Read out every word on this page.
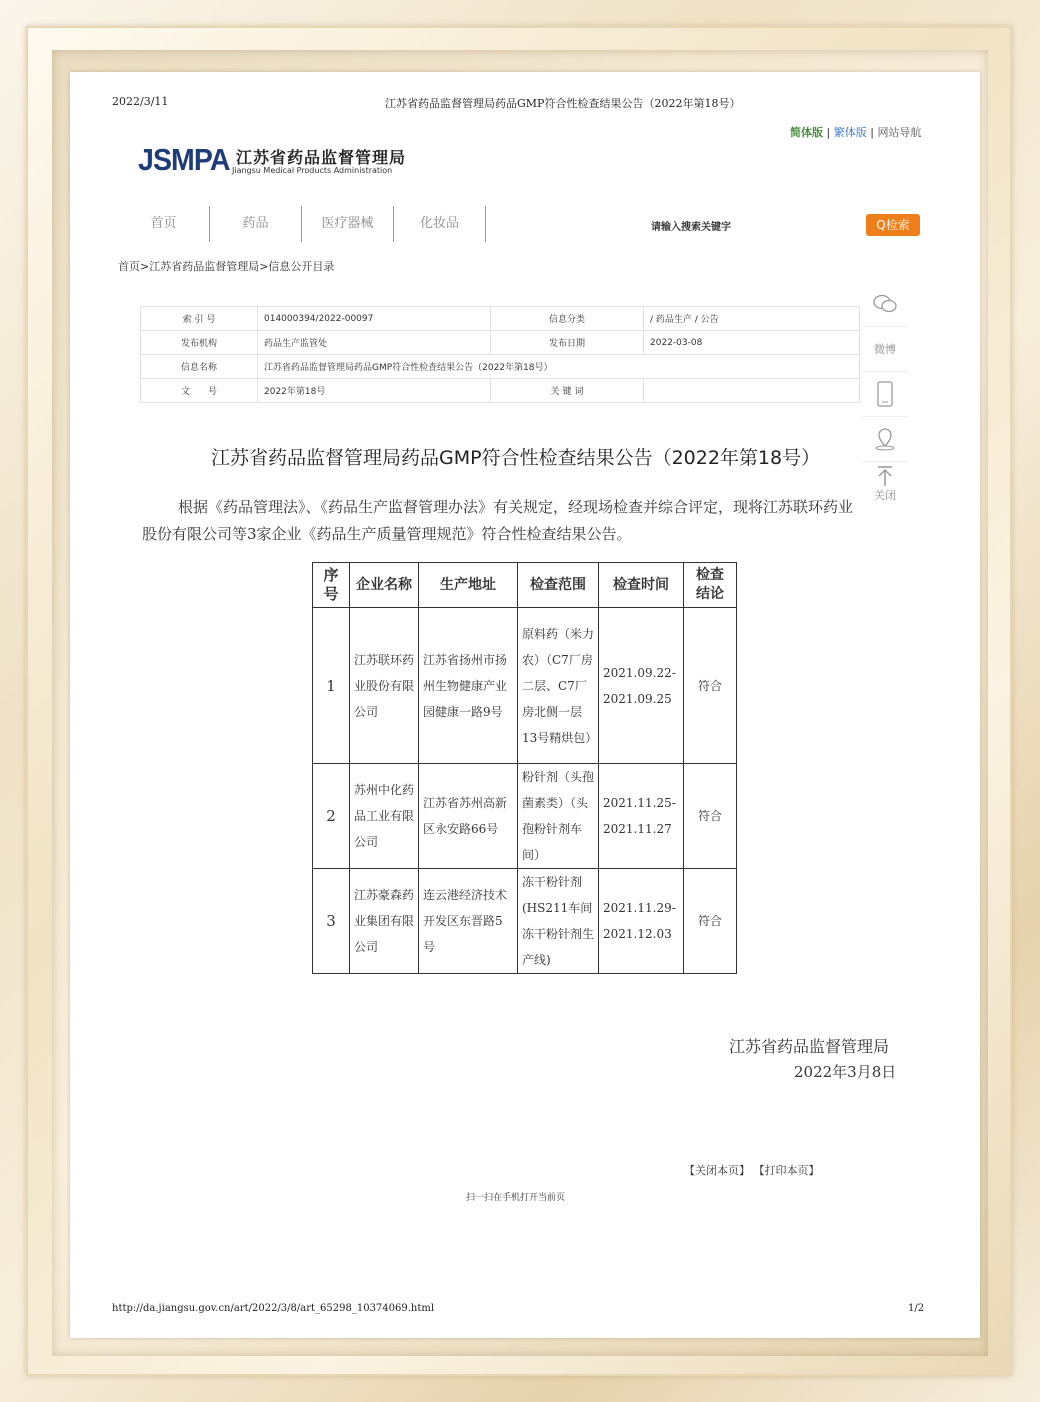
2022/3/11	江苏省药品监督管理局药品GMP符合性检查结果公告（2022年第18号）
简体版 | 繁体版 | 网站导航
JSMPA 江苏省药品监督管理局
Jiangsu Medical Products Administration
首页	药品	医疗器械	化妆品	请输入搜索关键字	Q检索
首页>江苏省药品监督管理局>信息公开目录
索 引 号	014000394/2022-00097	信息分类	/ 药品生产 / 公告
发布机构	药品生产监管处	发布日期	2022-03-08
信息名称	江苏省药品监督管理局药品GMP符合性检查结果公告（2022年第18号）		
文　　号	2022年第18号	关 键 词	
微博
关闭
江苏省药品监督管理局药品GMP符合性检查结果公告（2022年第18号）
根据《药品管理法》、《药品生产监督管理办法》有关规定，经现场检查并综合评定，现将江苏联环药业股份有限公司等3家企业《药品生产质量管理规范》符合性检查结果公告。
序号	企业名称	生产地址	检查范围	检查时间	检查结论

1	江苏联环药业股份有限公司	江苏省扬州市扬州生物健康产业园健康一路9号	原料药（米力农）（C7厂房二层、C7厂房北侧一层13号精烘包）	2021.09.22-2021.09.25	符合
2	苏州中化药品工业有限公司	江苏省苏州高新区永安路66号	粉针剂（头孢菌素类）（头孢粉针剂车间）	2021.11.25-2021.11.27	符合
3	江苏豪森药业集团有限公司	连云港经济技术开发区东晋路5号	冻干粉针剂(HS211车间冻干粉针剂生产线)	2021.11.29-2021.12.03	符合
江苏省药品监督管理局
2022年3月8日
【关闭本页】 【打印本页】
扫一扫在手机打开当前页
http://da.jiangsu.gov.cn/art/2022/3/8/art_65298_10374069.html	1/2
